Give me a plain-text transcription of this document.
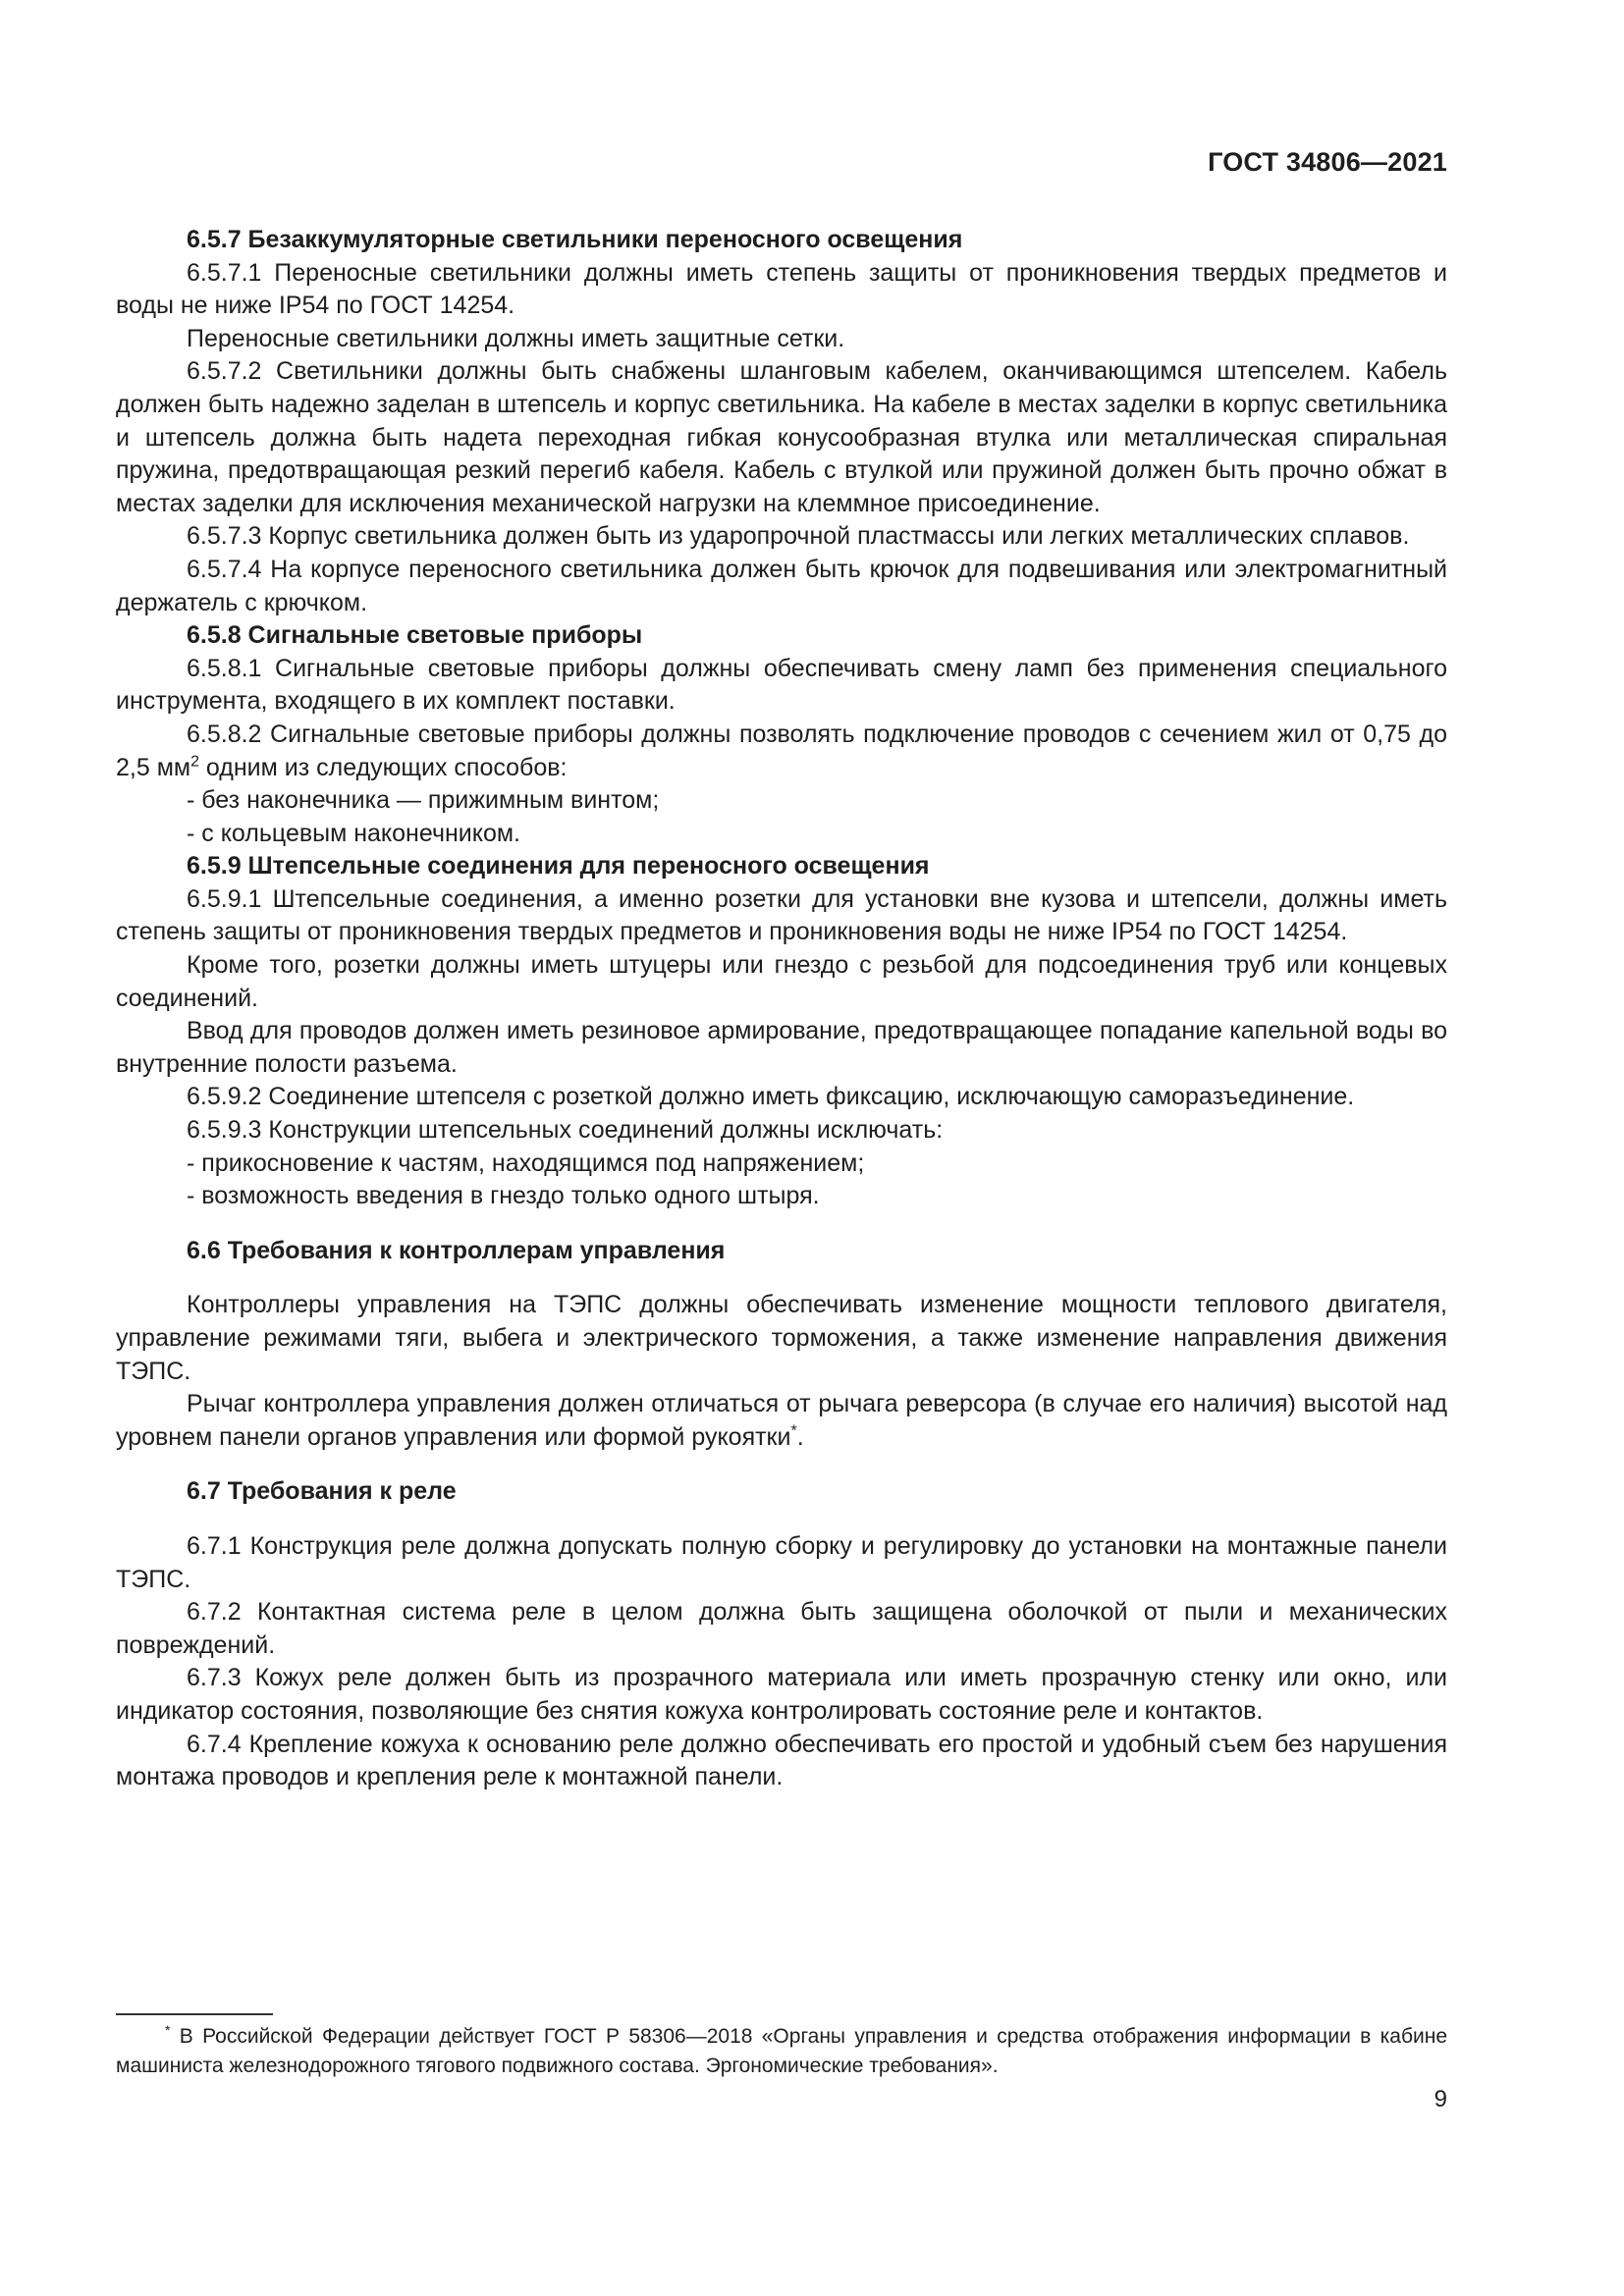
ГОСТ 34806—2021

6.5.7 Безаккумуляторные светильники переносного освещения

6.5.7.1 Переносные светильники должны иметь степень защиты от проникновения твердых предметов и воды не ниже IP54 по ГОСТ 14254.

Переносные светильники должны иметь защитные сетки.

6.5.7.2 Светильники должны быть снабжены шланговым кабелем, оканчивающимся штепселем. Кабель должен быть надежно заделан в штепсель и корпус светильника. На кабеле в местах заделки в корпус светильника и штепсель должна быть надета переходная гибкая конусообразная втулка или металлическая спиральная пружина, предотвращающая резкий перегиб кабеля. Кабель с втулкой или пружиной должен быть прочно обжат в местах заделки для исключения механической нагрузки на клеммное присоединение.

6.5.7.3 Корпус светильника должен быть из ударопрочной пластмассы или легких металлических сплавов.

6.5.7.4 На корпусе переносного светильника должен быть крючок для подвешивания или электромагнитный держатель с крючком.

6.5.8 Сигнальные световые приборы

6.5.8.1 Сигнальные световые приборы должны обеспечивать смену ламп без применения специального инструмента, входящего в их комплект поставки.

6.5.8.2 Сигнальные световые приборы должны позволять подключение проводов с сечением жил от 0,75 до 2,5 $мм^2$ одним из следующих способов:

- без наконечника — прижимным винтом;

- с кольцевым наконечником.

6.5.9 Штепсельные соединения для переносного освещения

6.5.9.1 Штепсельные соединения, а именно розетки для установки вне кузова и штепсели, должны иметь степень защиты от проникновения твердых предметов и проникновения воды не ниже IP54 по ГОСТ 14254.

Кроме того, розетки должны иметь штуцеры или гнездо с резьбой для подсоединения труб или концевых соединений.

Ввод для проводов должен иметь резиновое армирование, предотвращающее попадание капельной воды во внутренние полости разъема.

6.5.9.2 Соединение штепселя с розеткой должно иметь фиксацию, исключающую саморазъединение.

6.5.9.3 Конструкции штепсельных соединений должны исключать:

- прикосновение к частям, находящимся под напряжением;

- возможность введения в гнездо только одного штыря.

6.6 Требования к контроллерам управления

Контроллеры управления на ТЭПС должны обеспечивать изменение мощности теплового двигателя, управление режимами тяги, выбега и электрического торможения, а также изменение направления движения ТЭПС.

Рычаг контроллера управления должен отличаться от рычага реверсора (в случае его наличия) высотой над уровнем панели органов управления или формой рукоятки*.

6.7 Требования к реле

6.7.1 Конструкция реле должна допускать полную сборку и регулировку до установки на монтажные панели ТЭПС.

6.7.2 Контактная система реле в целом должна быть защищена оболочкой от пыли и механических повреждений.

6.7.3 Кожух реле должен быть из прозрачного материала или иметь прозрачную стенку или окно, или индикатор состояния, позволяющие без снятия кожуха контролировать состояние реле и контактов.

6.7.4 Крепление кожуха к основанию реле должно обеспечивать его простой и удобный съем без нарушения монтажа проводов и крепления реле к монтажной панели.

* В Российской Федерации действует ГОСТ Р 58306—2018 «Органы управления и средства отображения информации в кабине машиниста железнодорожного тягового подвижного состава. Эргономические требования».
9
